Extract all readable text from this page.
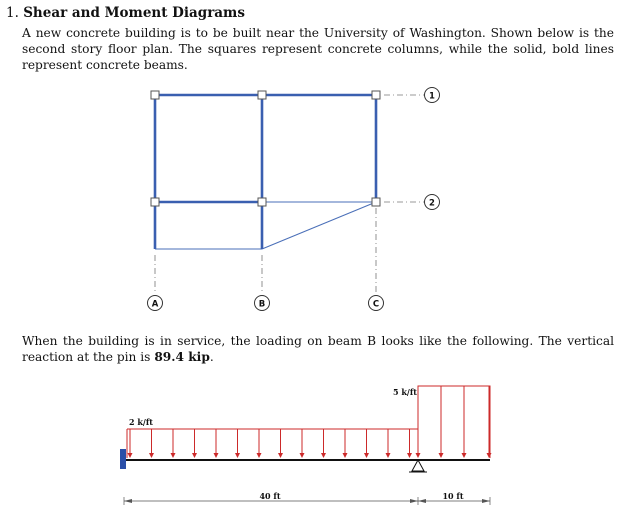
1. Shear and Moment Diagrams
A new concrete building is to be built near the University of Washington. Shown below is the second story floor plan. The squares represent concrete columns, while the solid, bold lines represent concrete beams.
When the building is in service, the loading on beam B looks like the following. The vertical reaction at the pin is 89.4 kip.
1
2
A	B	C
2 k/ft
5 k/ft
40 ft	10 ft
